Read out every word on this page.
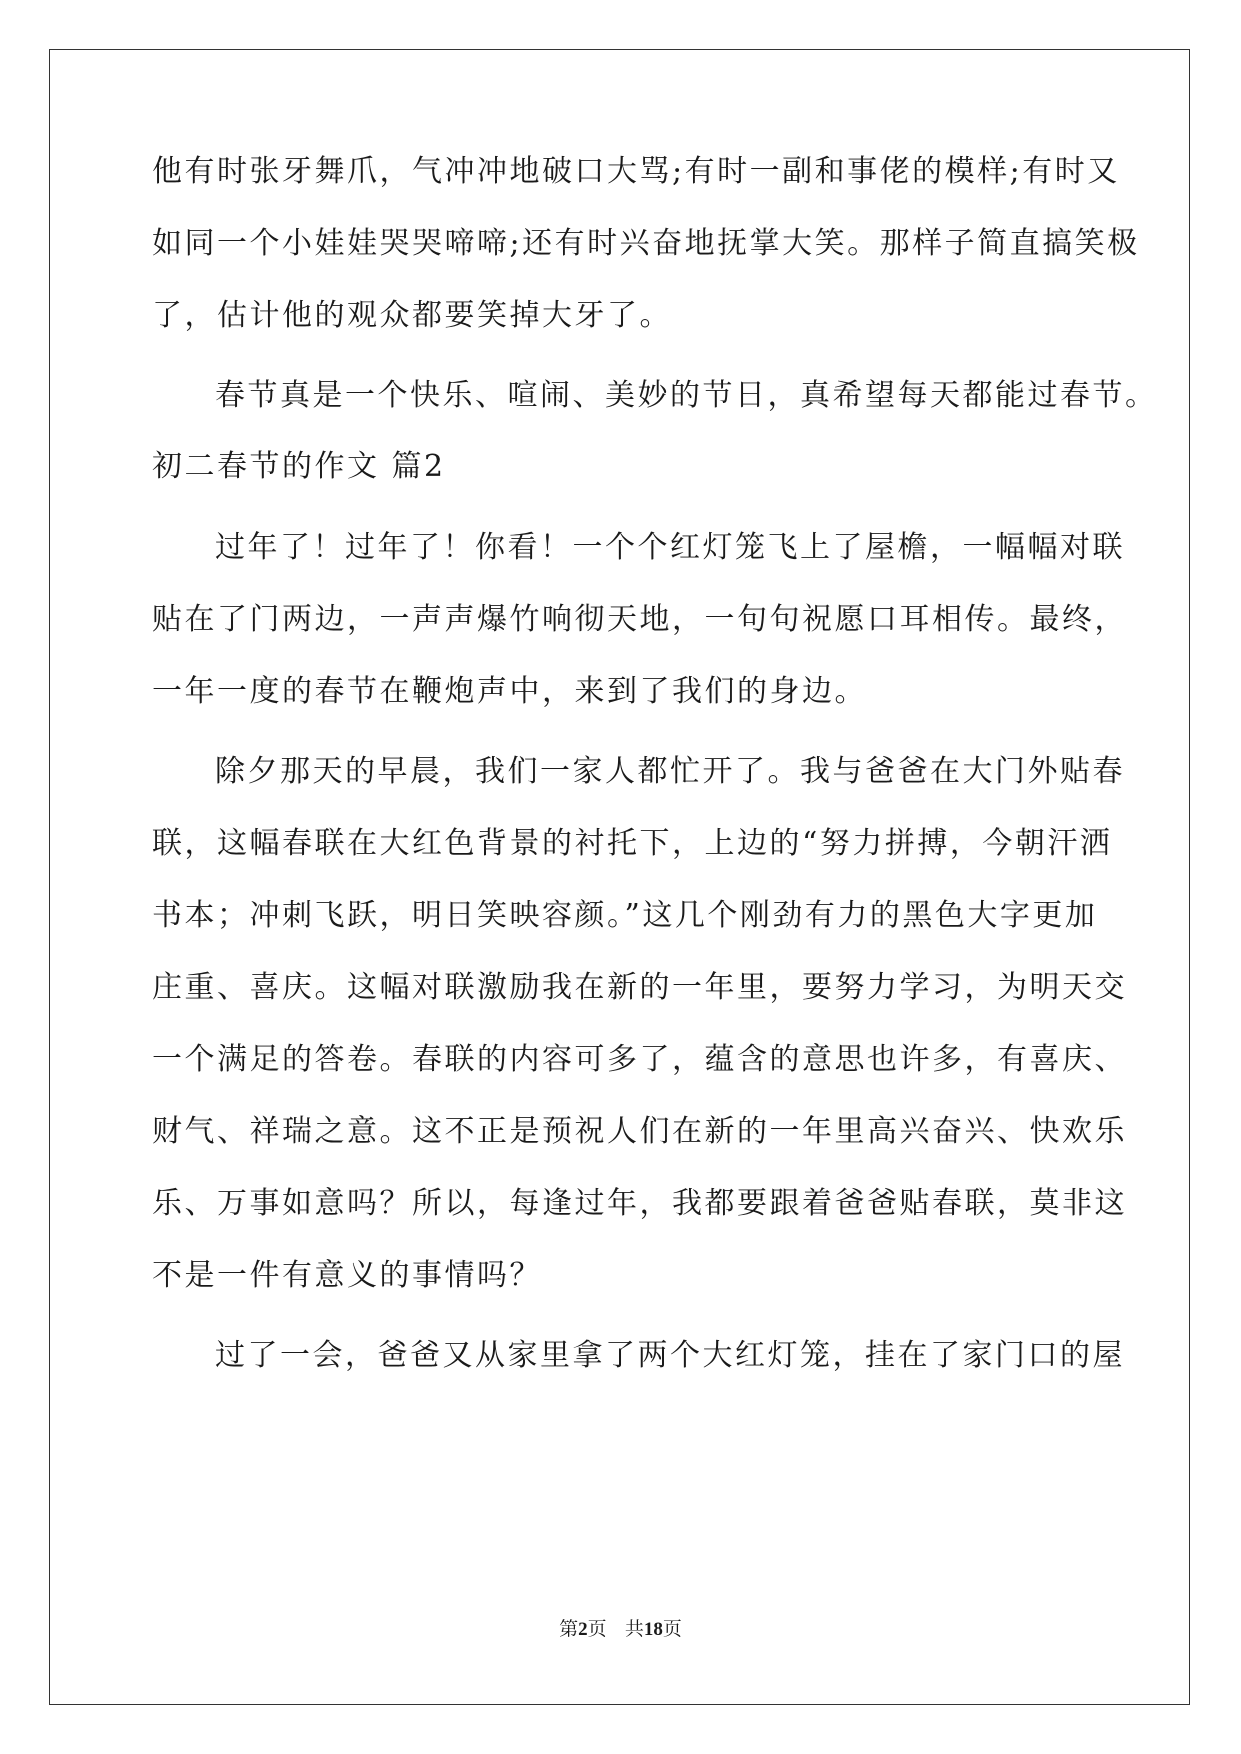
他有时张牙舞爪，气冲冲地破口大骂;有时一副和事佬的模样;有时又
如同一个小娃娃哭哭啼啼;还有时兴奋地抚掌大笑。那样子简直搞笑极
了，估计他的观众都要笑掉大牙了。
春节真是一个快乐、喧闹、美妙的节日，真希望每天都能过春节。
初二春节的作文 篇2
过年了！过年了！你看！一个个红灯笼飞上了屋檐，一幅幅对联
贴在了门两边，一声声爆竹响彻天地，一句句祝愿口耳相传。最终，
一年一度的春节在鞭炮声中，来到了我们的身边。
除夕那天的早晨，我们一家人都忙开了。我与爸爸在大门外贴春
联，这幅春联在大红色背景的衬托下，上边的“努力拼搏，今朝汗洒
书本；冲刺飞跃，明日笑映容颜。”这几个刚劲有力的黑色大字更加
庄重、喜庆。这幅对联激励我在新的一年里，要努力学习，为明天交
一个满足的答卷。春联的内容可多了，蕴含的意思也许多，有喜庆、
财气、祥瑞之意。这不正是预祝人们在新的一年里高兴奋兴、快欢乐
乐、万事如意吗？所以，每逢过年，我都要跟着爸爸贴春联，莫非这
不是一件有意义的事情吗？
过了一会，爸爸又从家里拿了两个大红灯笼，挂在了家门口的屋
第2页 共18页
